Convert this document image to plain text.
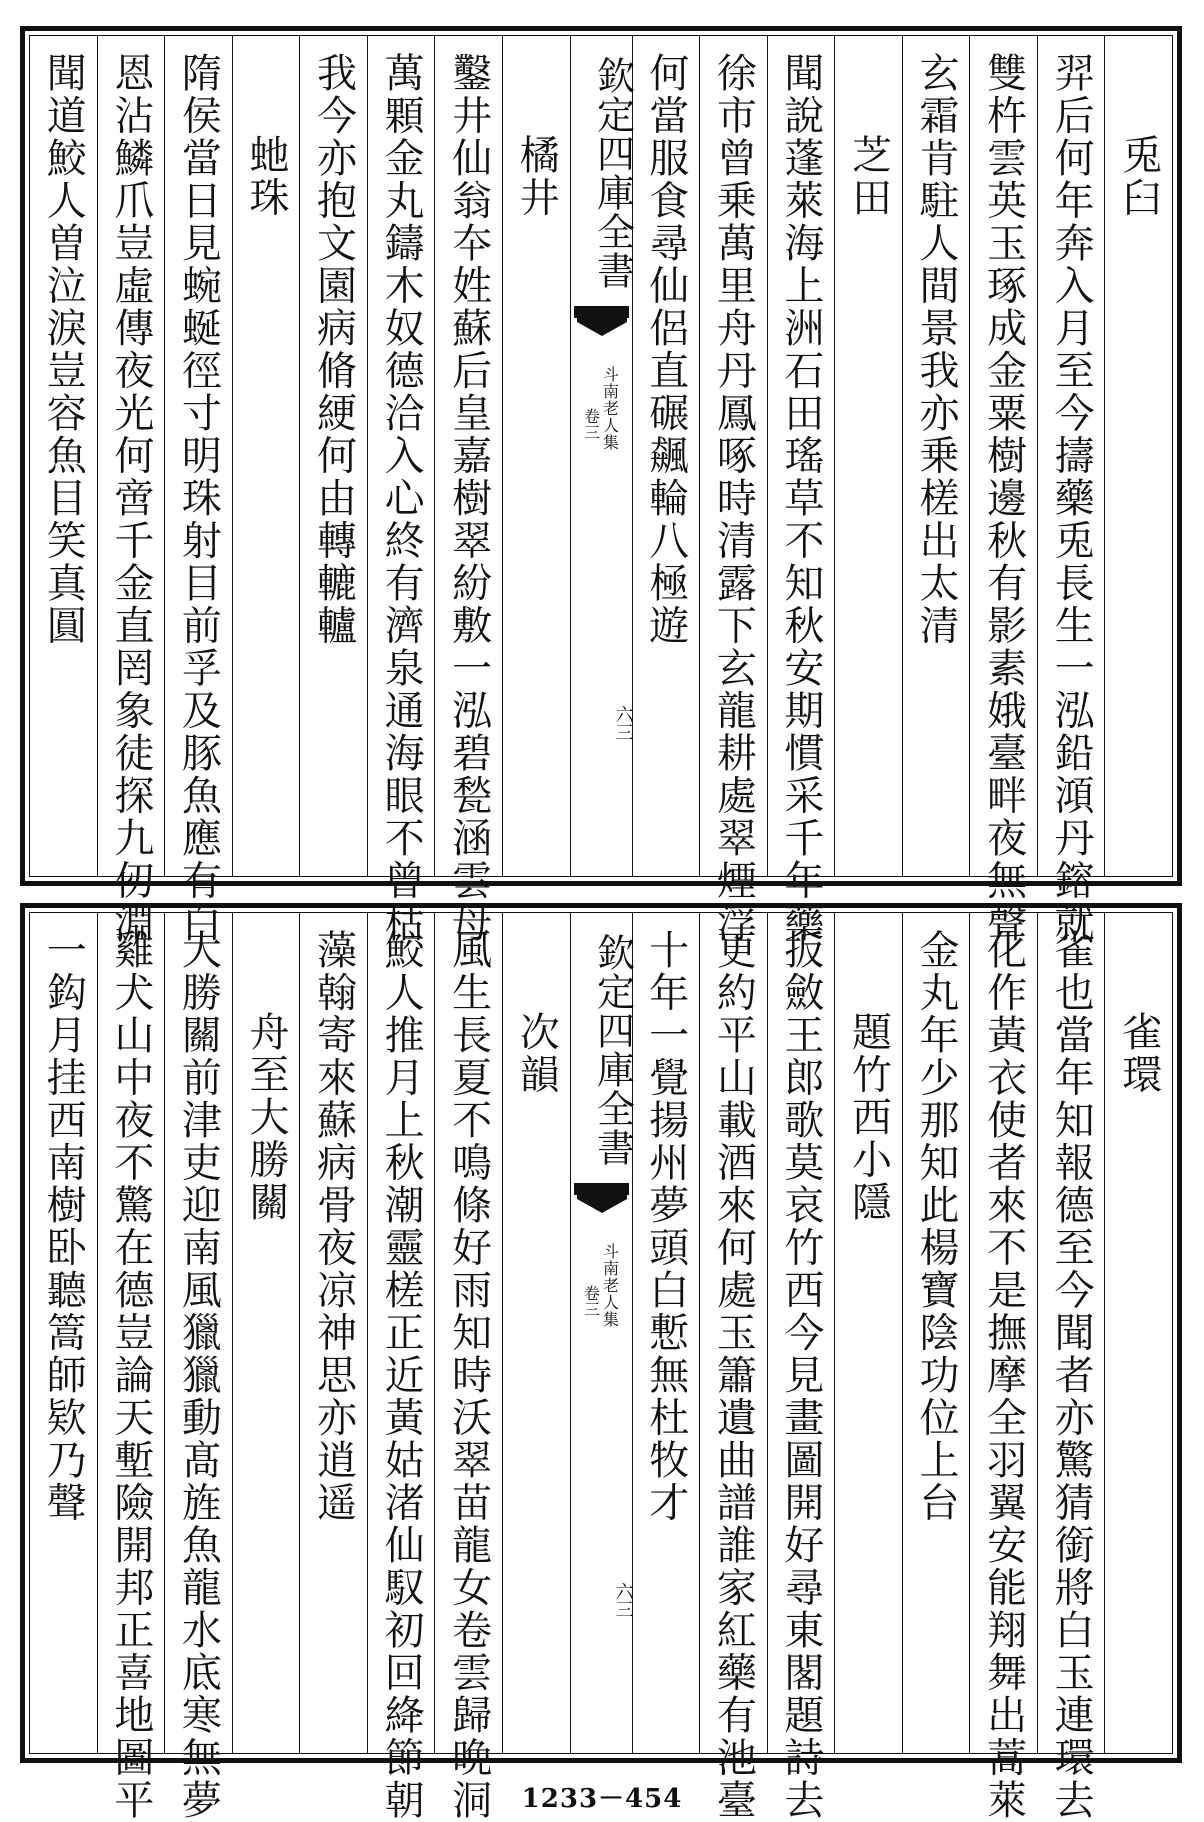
兎臼
羿后何年奔入月至今擣藥兎長生一泓鉛澒丹鎔就
雙杵雲英玉琢成金粟樹邊秋有影素娥臺畔夜無聲
玄霜肯駐人間景我亦乗槎出太清
芝田
聞說蓬萊海上洲石田瑤草不知秋安期慣采千年藥
徐市曾乗萬里舟丹鳳啄時清露下玄龍耕處翠煙浮
何當服食尋仙侶直碾飆輪八極遊
欽定四庫全書
斗南老人集
卷三
六三
橘井
鑿井仙翁夲姓蘇后皇嘉樹翠紛敷一泓碧甃涵雲母
萬顆金丸鑄木奴德洽入心終有濟泉通海眼不曾枯
我今亦抱文園病脩綆何由轉轆轤
虵珠
隋侯當日見蜿蜒徑寸明珠射目前孚及豚魚應有白
恩沾鱗爪豈虛傳夜光何啻千金直罔象徒探九仞淵
聞道鮫人曽泣淚豈容魚目笑真圓
雀環
雀也當年知報德至今聞者亦驚猜銜將白玉連環去
化作黃衣使者來不是撫摩全羽翼安能翔舞出蒿萊
金丸年少那知此楊寶陰功位上台
題竹西小隱
扳斂王郎歌莫哀竹西今見畫圖開好尋東閣題詩去
更約平山載酒來何處玉簫遺曲譜誰家紅藥有池臺
十年一覺揚州夢頭白慙無杜牧才
欽定四庫全書
斗南老人集
卷三
六三
次韻
風生長夏不鳴條好雨知時沃翠苗龍女卷雲歸晩洞
鮫人推月上秋潮靈槎正近黃姑渚仙馭初回絳節朝
藻翰寄來蘇病骨夜凉神思亦逍遥
舟至大勝關
大勝關前津吏迎南風獵獵動髙旌魚龍水底寒無夢
雞犬山中夜不驚在德豈論天塹險開邦正喜地圖平
一鈎月挂西南樹卧聽篙師欵乃聲
1233－454
